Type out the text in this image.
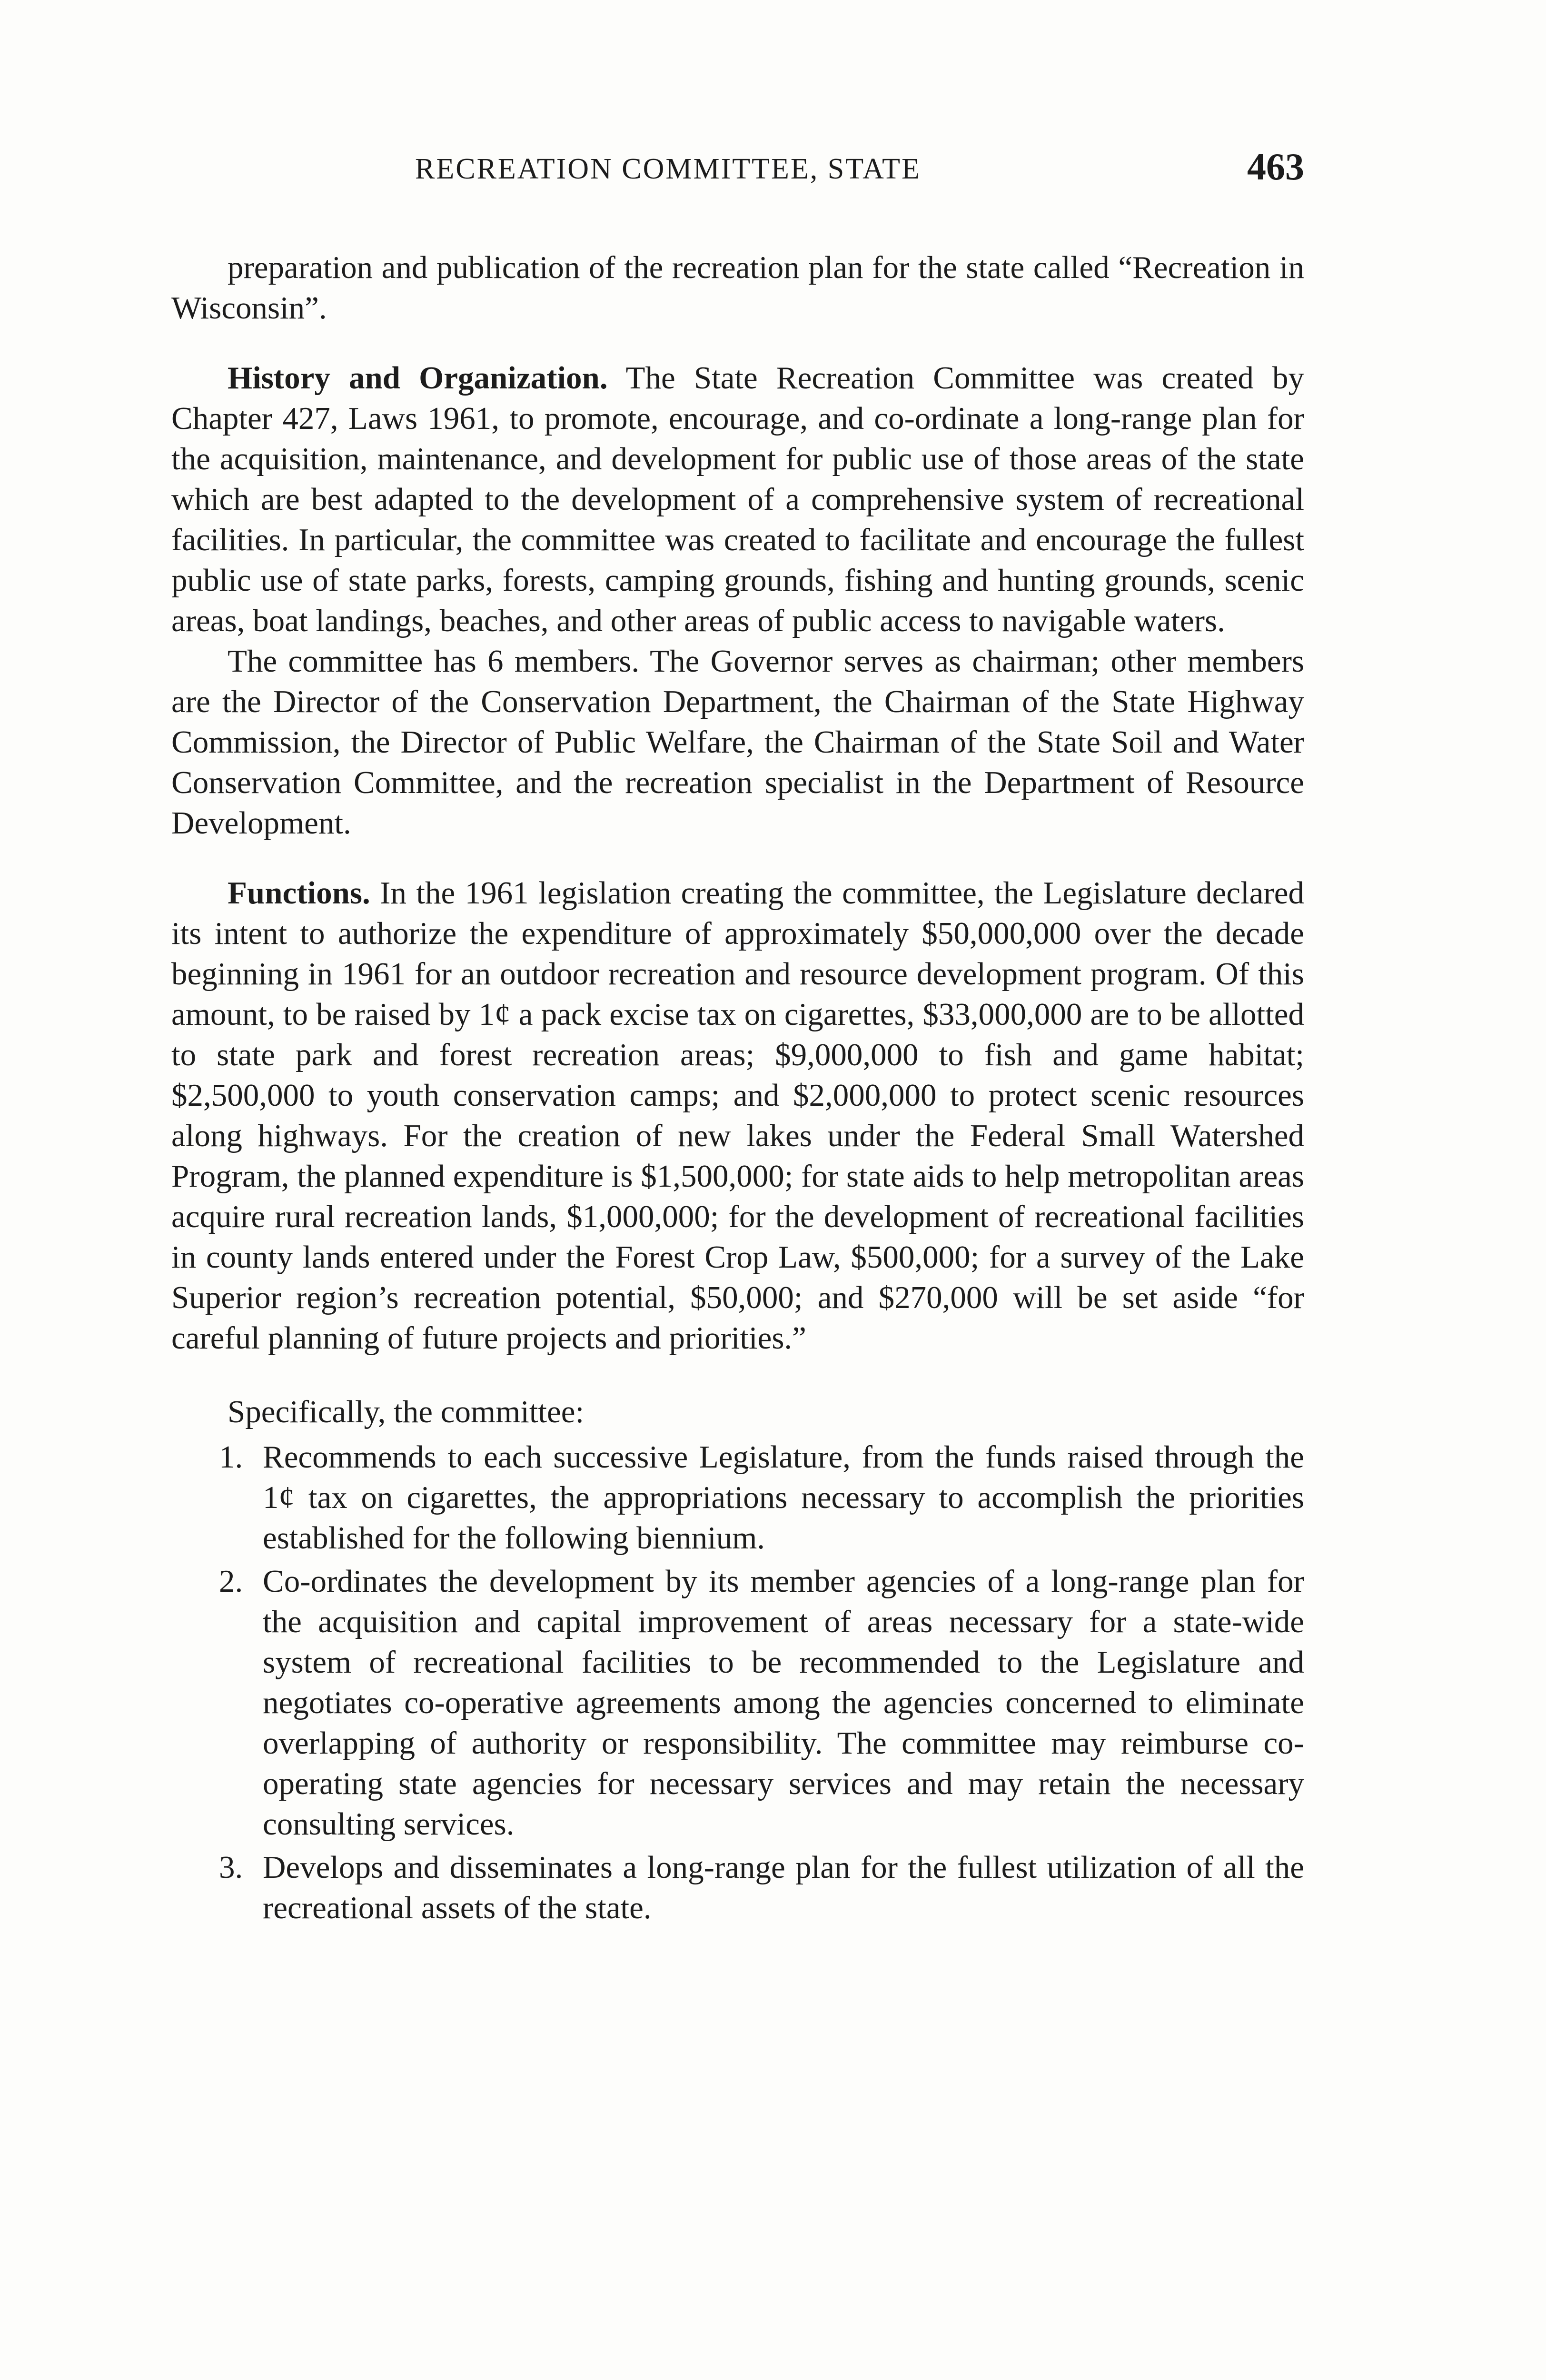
RECREATION COMMITTEE, STATE	463

preparation and publication of the recreation plan for the state called “Recreation in Wisconsin”.

History and Organization. The State Recreation Committee was created by Chapter 427, Laws 1961, to promote, encourage, and co-ordinate a long-range plan for the acquisition, maintenance, and development for public use of those areas of the state which are best adapted to the development of a comprehensive system of recreational facilities. In particular, the committee was created to facilitate and encourage the fullest public use of state parks, forests, camping grounds, fishing and hunting grounds, scenic areas, boat landings, beaches, and other areas of public access to navigable waters.

The committee has 6 members. The Governor serves as chairman; other members are the Director of the Conservation Department, the Chairman of the State Highway Commission, the Director of Public Welfare, the Chairman of the State Soil and Water Conservation Committee, and the recreation specialist in the Department of Resource Development.

Functions. In the 1961 legislation creating the committee, the Legislature declared its intent to authorize the expenditure of approximately $50,000,000 over the decade beginning in 1961 for an outdoor recreation and resource development program. Of this amount, to be raised by 1¢ a pack excise tax on cigarettes, $33,000,000 are to be allotted to state park and forest recreation areas; $9,000,000 to fish and game habitat; $2,500,000 to youth conservation camps; and $2,000,000 to protect scenic resources along highways. For the creation of new lakes under the Federal Small Watershed Program, the planned expenditure is $1,500,000; for state aids to help metropolitan areas acquire rural recreation lands, $1,000,000; for the development of recreational facilities in county lands entered under the Forest Crop Law, $500,000; for a survey of the Lake Superior region’s recreation potential, $50,000; and $270,000 will be set aside “for careful planning of future projects and priorities.”

Specifically, the committee:

1. Recommends to each successive Legislature, from the funds raised through the 1¢ tax on cigarettes, the appropriations necessary to accomplish the priorities established for the following biennium.
2. Co-ordinates the development by its member agencies of a long-range plan for the acquisition and capital improvement of areas necessary for a state-wide system of recreational facilities to be recommended to the Legislature and negotiates co-operative agreements among the agencies concerned to eliminate overlapping of authority or responsibility. The committee may reimburse co-operating state agencies for necessary services and may retain the necessary consulting services.
3. Develops and disseminates a long-range plan for the fullest utilization of all the recreational assets of the state.
